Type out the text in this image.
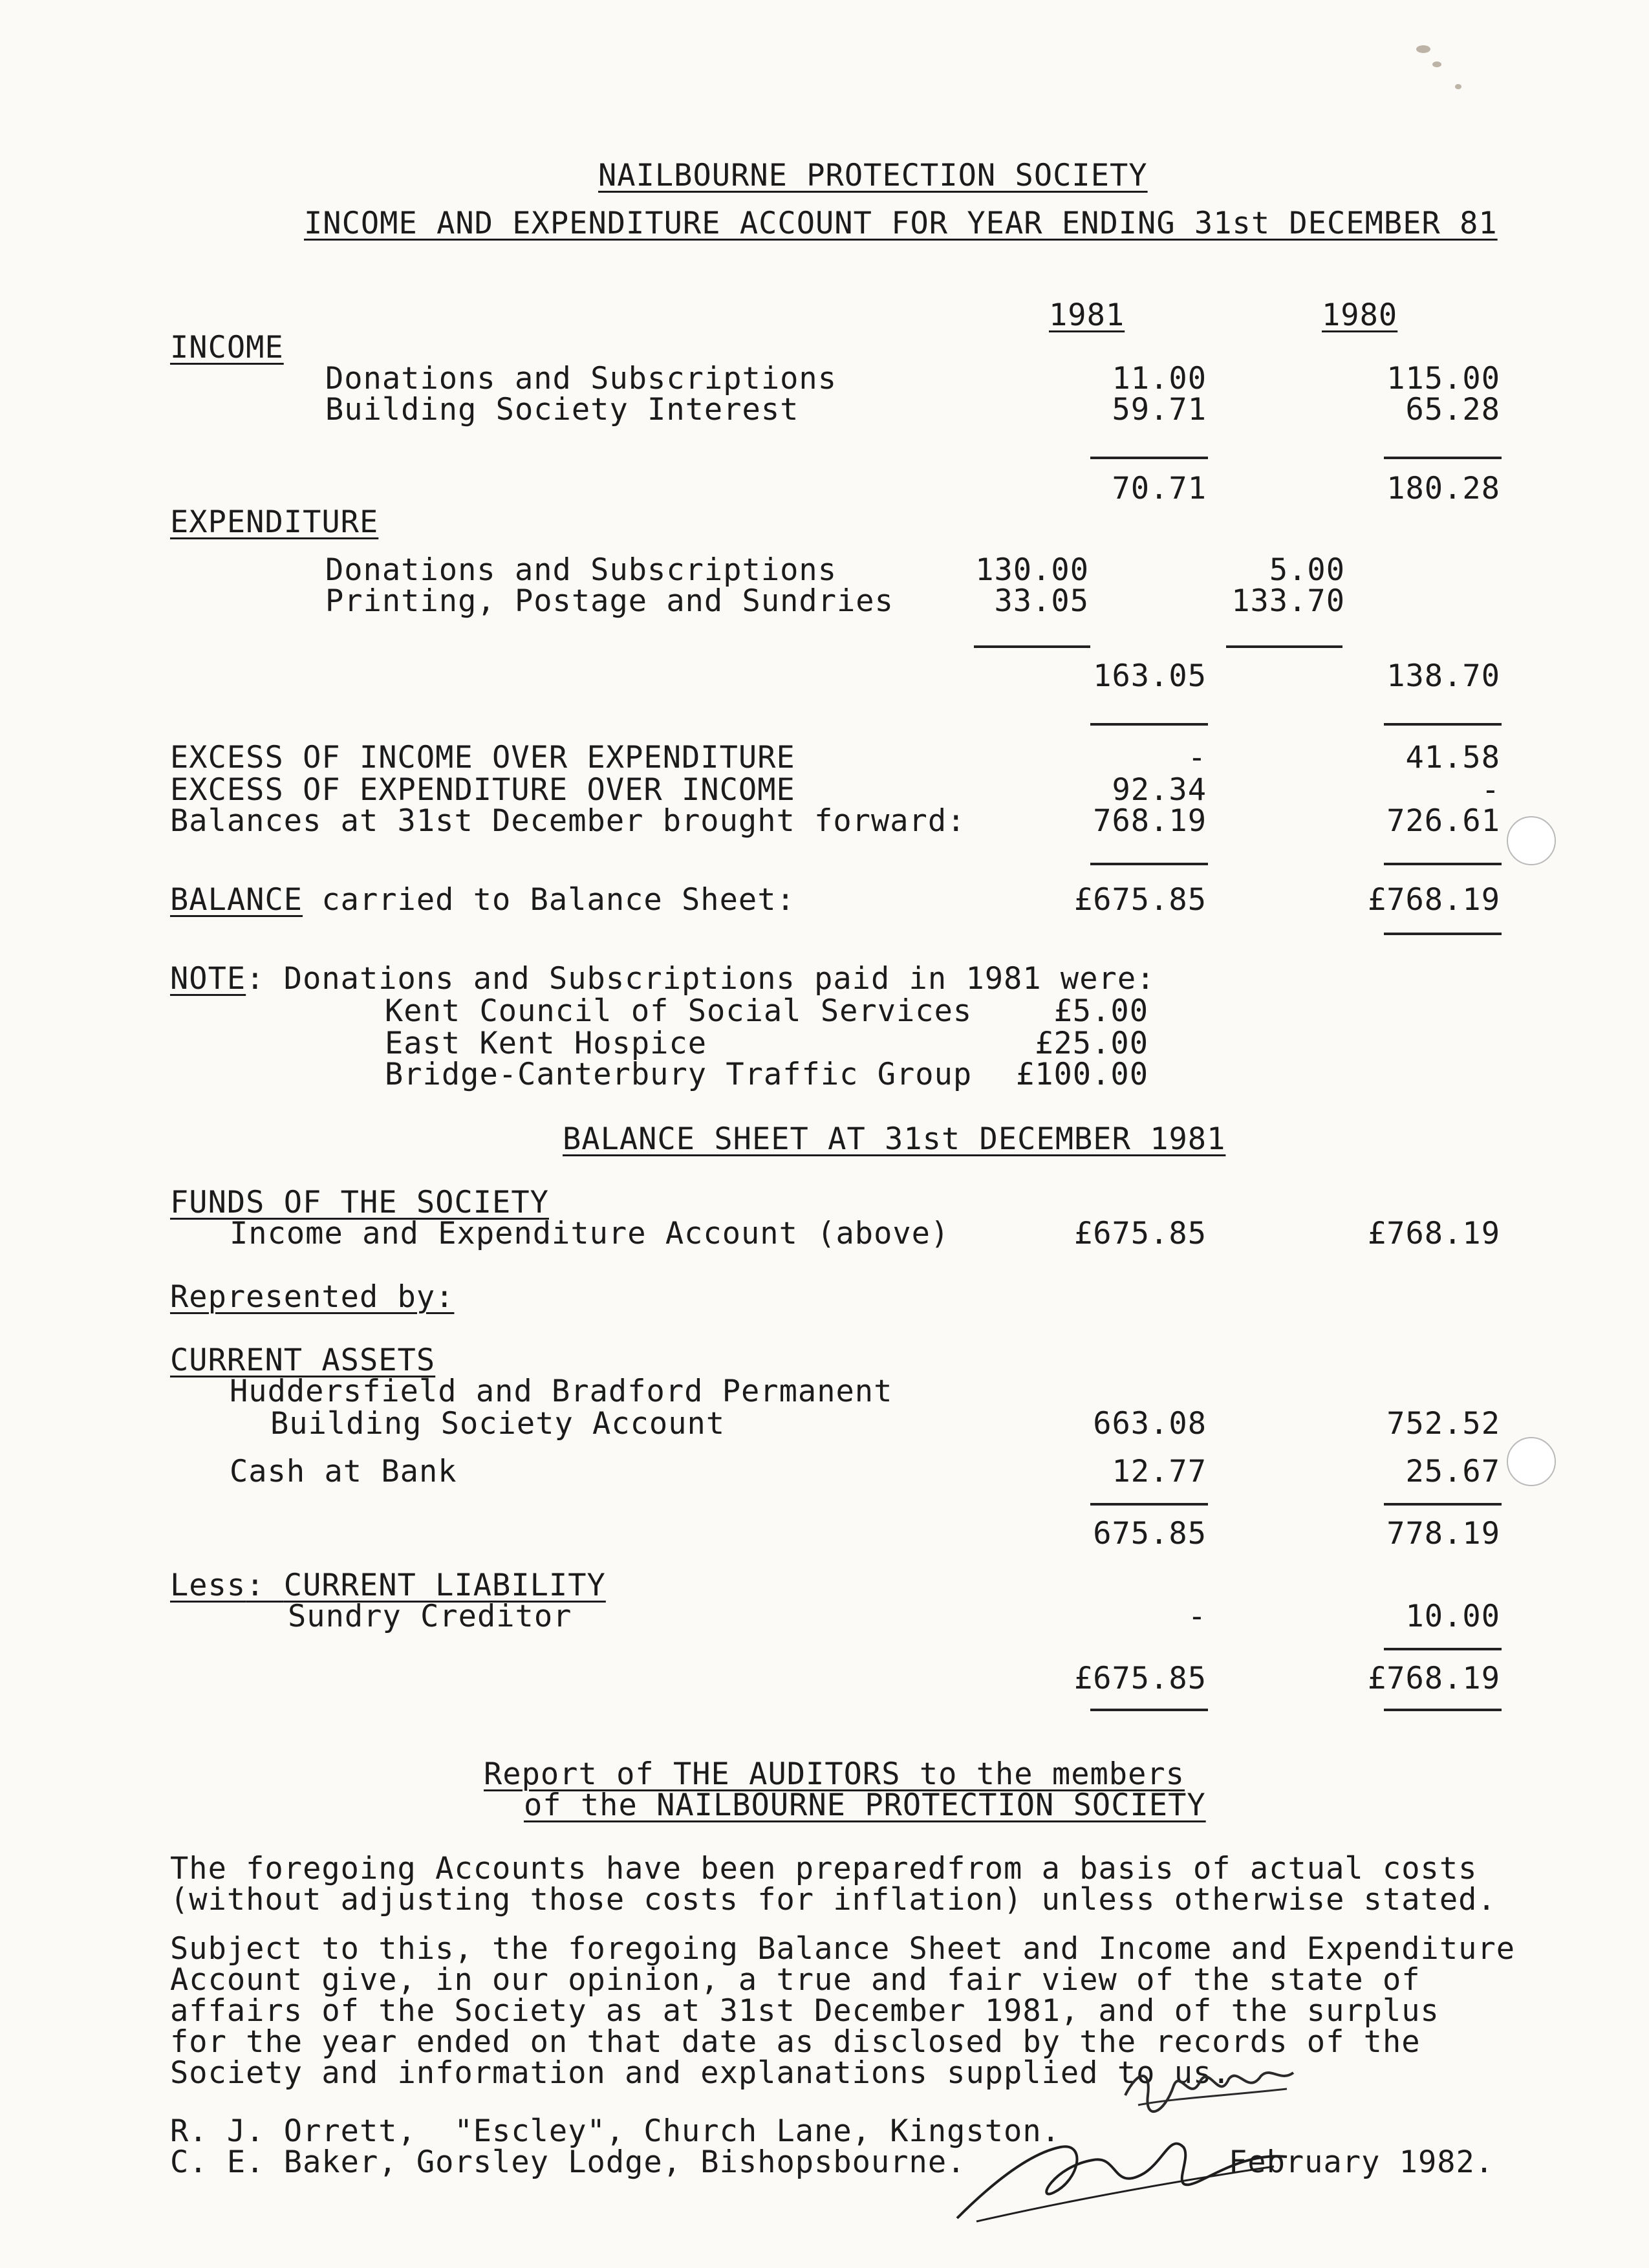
NAILBOURNE PROTECTION SOCIETY
INCOME AND EXPENDITURE ACCOUNT FOR YEAR ENDING 31st DECEMBER 81
1981	1980
INCOME
Donations and Subscriptions	11.00	115.00
Building Society Interest	59.71	65.28
70.71	180.28
EXPENDITURE
Donations and Subscriptions	130.00	5.00
Printing, Postage and Sundries	33.05	133.70
163.05	138.70
EXCESS OF INCOME OVER EXPENDITURE	-	41.58
EXCESS OF EXPENDITURE OVER INCOME	92.34	-
Balances at 31st December brought forward:	768.19	726.61
BALANCE carried to Balance Sheet:	£675.85	£768.19
NOTE: Donations and Subscriptions paid in 1981 were:
Kent Council of Social Services	£5.00
East Kent Hospice	£25.00
Bridge-Canterbury Traffic Group £100.00
BALANCE SHEET AT 31st DECEMBER 1981
FUNDS OF THE SOCIETY
Income and Expenditure Account (above)	£675.85	£768.19
Represented by:
CURRENT ASSETS
Huddersfield and Bradford Permanent
Building Society Account	663.08	752.52
Cash at Bank	12.77	25.67
675.85	778.19
Less: CURRENT LIABILITY
Sundry Creditor	-	10.00
£675.85	£768.19
Report of THE AUDITORS to the members
of the NAILBOURNE PROTECTION SOCIETY
The foregoing Accounts have been preparedfrom a basis of actual costs
(without adjusting those costs for inflation) unless otherwise stated.
Subject to this, the foregoing Balance Sheet and Income and Expenditure
Account give, in our opinion, a true and fair view of the state of
affairs of the Society as at 31st December 1981, and of the surplus
for the year ended on that date as disclosed by the records of the
Society and information and explanations supplied to us.
R. J. Orrett,  "Escley", Church Lane, Kingston.
C. E. Baker, Gorsley Lodge, Bishopsbourne.	February 1982.
